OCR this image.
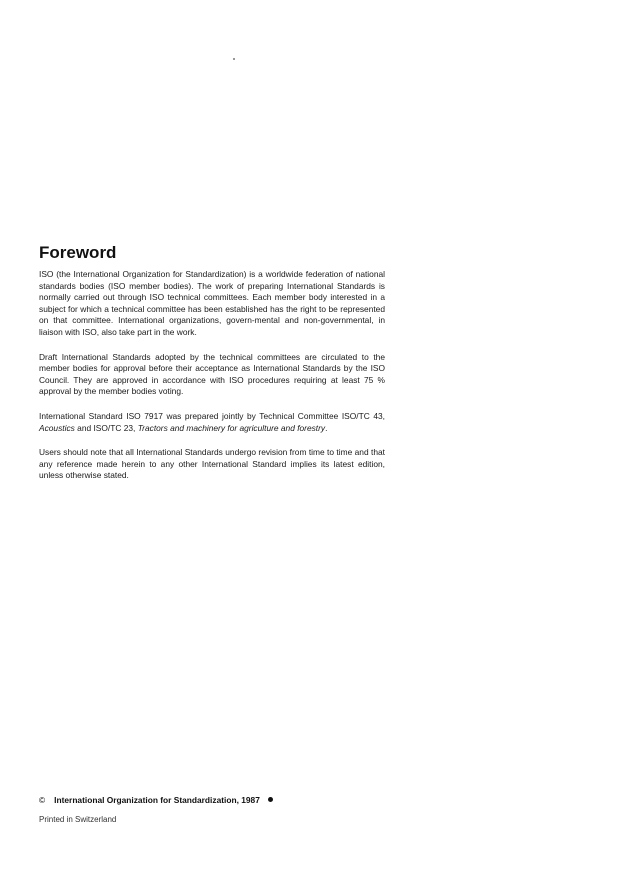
Foreword

ISO (the International Organization for Standardization) is a worldwide federation of national standards bodies (ISO member bodies). The work of preparing International Standards is normally carried out through ISO technical committees. Each member body interested in a subject for which a technical committee has been established has the right to be represented on that committee. International organizations, govern-mental and non-governmental, in liaison with ISO, also take part in the work.

Draft International Standards adopted by the technical committees are circulated to the member bodies for approval before their acceptance as International Standards by the ISO Council. They are approved in accordance with ISO procedures requiring at least 75 % approval by the member bodies voting.

International Standard ISO 7917 was prepared jointly by Technical Committee ISO/TC 43, Acoustics and ISO/TC 23, Tractors and machinery for agriculture and forestry.

Users should note that all International Standards undergo revision from time to time and that any reference made herein to any other International Standard implies its latest edition, unless otherwise stated.

© International Organization for Standardization, 1987
Printed in Switzerland
